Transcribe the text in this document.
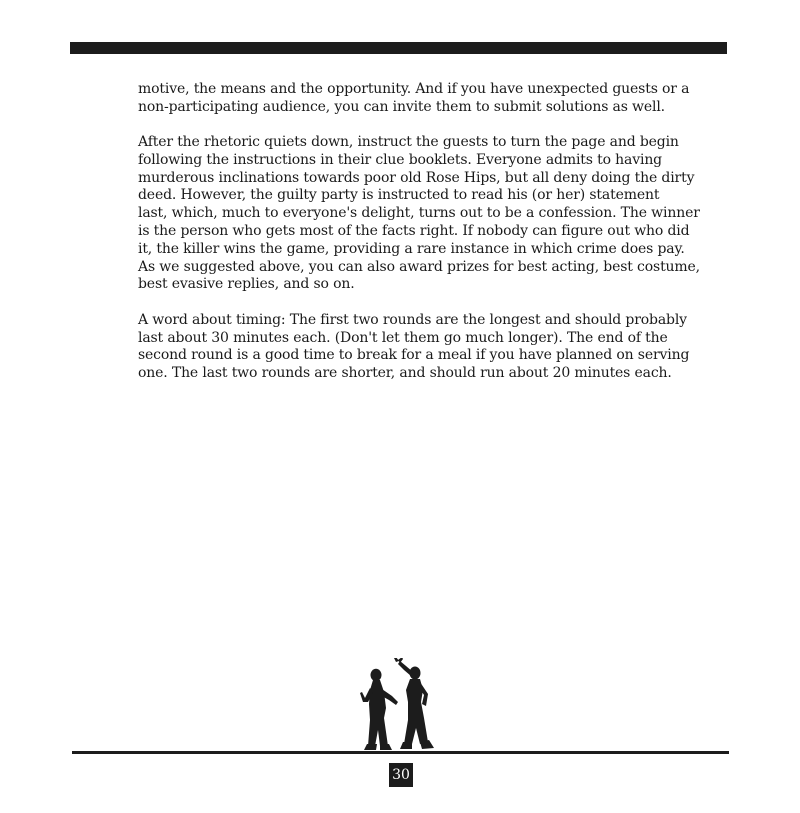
motive, the means and the opportunity. And if you have unexpected guests or a
non-participating audience, you can invite them to submit solutions as well.

After the rhetoric quiets down, instruct the guests to turn the page and begin
following the instructions in their clue booklets. Everyone admits to having
murderous inclinations towards poor old Rose Hips, but all deny doing the dirty
deed. However, the guilty party is instructed to read his (or her) statement
last, which, much to everyone's delight, turns out to be a confession. The winner
is the person who gets most of the facts right. If nobody can figure out who did
it, the killer wins the game, providing a rare instance in which crime does pay.
As we suggested above, you can also award prizes for best acting, best costume,
best evasive replies, and so on.

A word about timing: The first two rounds are the longest and should probably
last about 30 minutes each. (Don't let them go much longer). The end of the
second round is a good time to break for a meal if you have planned on serving
one. The last two rounds are shorter, and should run about 20 minutes each.

30
